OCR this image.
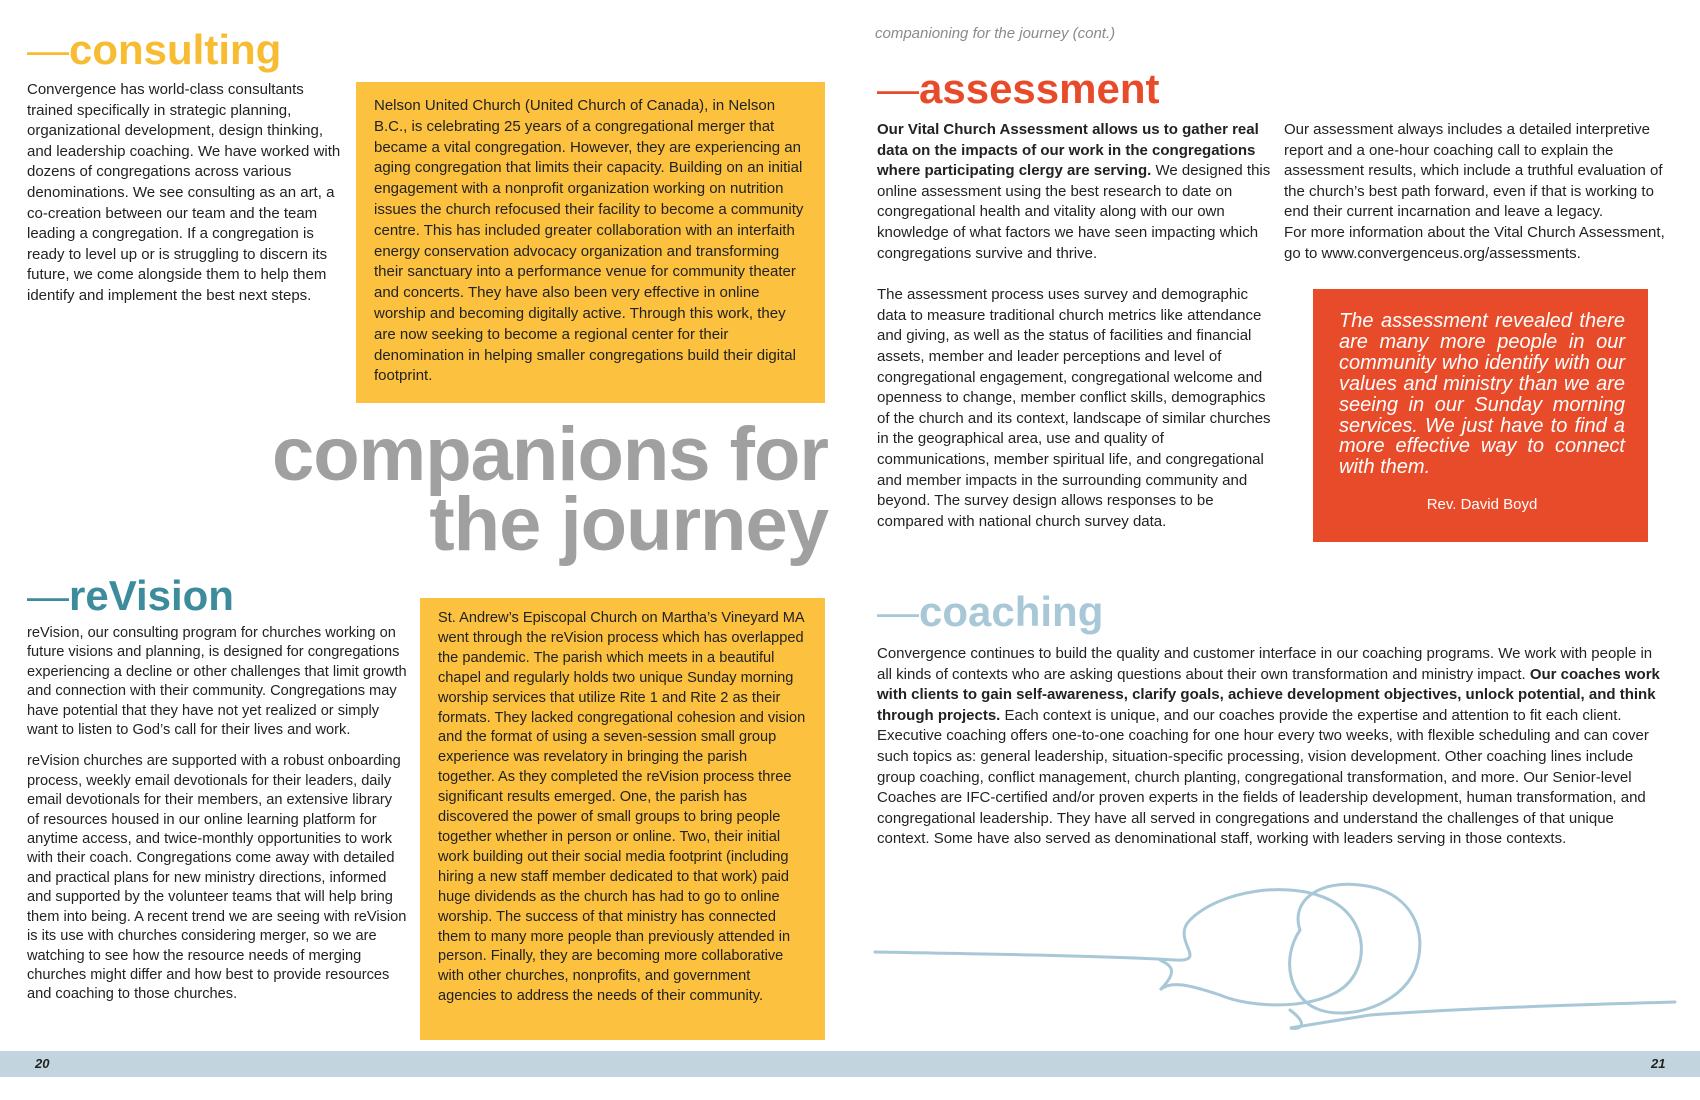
—consulting

Convergence has world-class consultants trained specifically in strategic planning, organizational development, design thinking, and leadership coaching. We have worked with dozens of congregations across various denominations. We see consulting as an art, a co-creation between our team and the team leading a congregation. If a congregation is ready to level up or is struggling to discern its future, we come alongside them to help them identify and implement the best next steps.

Nelson United Church (United Church of Canada), in Nelson B.C., is celebrating 25 years of a congregational merger that became a vital congregation. However, they are experiencing an aging congregation that limits their capacity. Building on an initial engagement with a nonprofit organization working on nutrition issues the church refocused their facility to become a community centre. This has included greater collaboration with an interfaith energy conservation advocacy organization and transforming their sanctuary into a performance venue for community theater and concerts. They have also been very effective in online worship and becoming digitally active. Through this work, they are now seeking to become a regional center for their denomination in helping smaller congregations build their digital footprint.

companions for
the journey
—reVision

reVision, our consulting program for churches working on future visions and planning, is designed for congregations experiencing a decline or other challenges that limit growth and connection with their community. Congregations may have potential that they have not yet realized or simply want to listen to God’s call for their lives and work.

reVision churches are supported with a robust onboarding process, weekly email devotionals for their leaders, daily email devotionals for their members, an extensive library of resources housed in our online learning platform for anytime access, and twice-monthly opportunities to work with their coach. Congregations come away with detailed and practical plans for new ministry directions, informed and supported by the volunteer teams that will help bring them into being. A recent trend we are seeing with reVision is its use with churches considering merger, so we are watching to see how the resource needs of merging churches might differ and how best to provide resources and coaching to those churches.

St. Andrew’s Episcopal Church on Martha’s Vineyard MA went through the reVision process which has overlapped the pandemic. The parish which meets in a beautiful chapel and regularly holds two unique Sunday morning worship services that utilize Rite 1 and Rite 2 as their formats. They lacked congregational cohesion and vision and the format of using a seven-session small group experience was revelatory in bringing the parish together. As they completed the reVision process three significant results emerged. One, the parish has discovered the power of small groups to bring people together whether in person or online. Two, their initial work building out their social media footprint (including hiring a new staff member dedicated to that work) paid huge dividends as the church has had to go to online worship. The success of that ministry has connected them to many more people than previously attended in person. Finally, they are becoming more collaborative with other churches, nonprofits, and government agencies to address the needs of their community.

companioning for the journey (cont.)
—assessment

Our Vital Church Assessment allows us to gather real data on the impacts of our work in the congregations where participating clergy are serving. We designed this online assessment using the best research to date on congregational health and vitality along with our own knowledge of what factors we have seen impacting which congregations survive and thrive.

The assessment process uses survey and demographic data to measure traditional church metrics like attendance and giving, as well as the status of facilities and financial assets, member and leader perceptions and level of congregational engagement, congregational welcome and openness to change, member conflict skills, demographics of the church and its context, landscape of similar churches in the geographical area, use and quality of communications, member spiritual life, and congregational and member impacts in the surrounding community and beyond. The survey design allows responses to be compared with national church survey data.

Our assessment always includes a detailed interpretive report and a one-hour coaching call to explain the assessment results, which include a truthful evaluation of the church’s best path forward, even if that is working to end their current incarnation and leave a legacy.

For more information about the Vital Church Assessment, go to www.convergenceus.org/assessments.

The assessment revealed there are many more people in our community who identify with our values and ministry than we are seeing in our Sunday morning services. We just have to find a more effective way to connect with them.
Rev. David Boyd
—coaching

Convergence continues to build the quality and customer interface in our coaching programs. We work with people in all kinds of contexts who are asking questions about their own transformation and ministry impact. Our coaches work with clients to gain self-awareness, clarify goals, achieve development objectives, unlock potential, and think through projects. Each context is unique, and our coaches provide the expertise and attention to fit each client. Executive coaching offers one-to-one coaching for one hour every two weeks, with flexible scheduling and can cover such topics as: general leadership, situation-specific processing, vision development. Other coaching lines include group coaching, conflict management, church planting, congregational transformation, and more. Our Senior-level Coaches are IFC-certified and/or proven experts in the fields of leadership development, human transformation, and congregational leadership. They have all served in congregations and understand the challenges of that unique context. Some have also served as denominational staff, working with leaders serving in those contexts.

20	21
